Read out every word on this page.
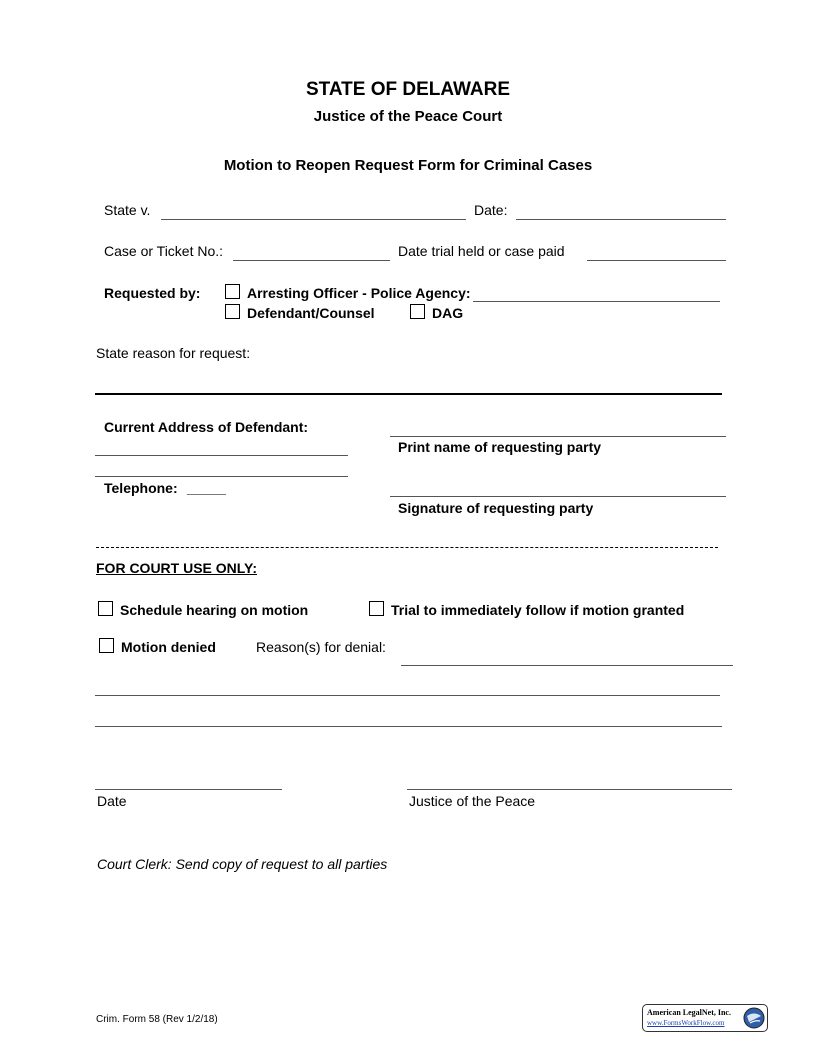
STATE OF DELAWARE
Justice of the Peace Court
Motion to Reopen Request Form for Criminal Cases
State v.	Date:
Case or Ticket No.:	Date trial held or case paid
Requested by:	Arresting Officer - Police Agency:
Defendant/Counsel	DAG
State reason for request:
Current Address of Defendant:
Print name of requesting party
Telephone: _____
Signature of requesting party
FOR COURT USE ONLY:
Schedule hearing on motion	Trial to immediately follow if motion granted
Motion denied	Reason(s) for denial:
Date	Justice of the Peace
Court Clerk: Send copy of request to all parties
Crim. Form 58 (Rev 1/2/18)
American LegalNet, Inc.
www.FormsWorkFlow.com
